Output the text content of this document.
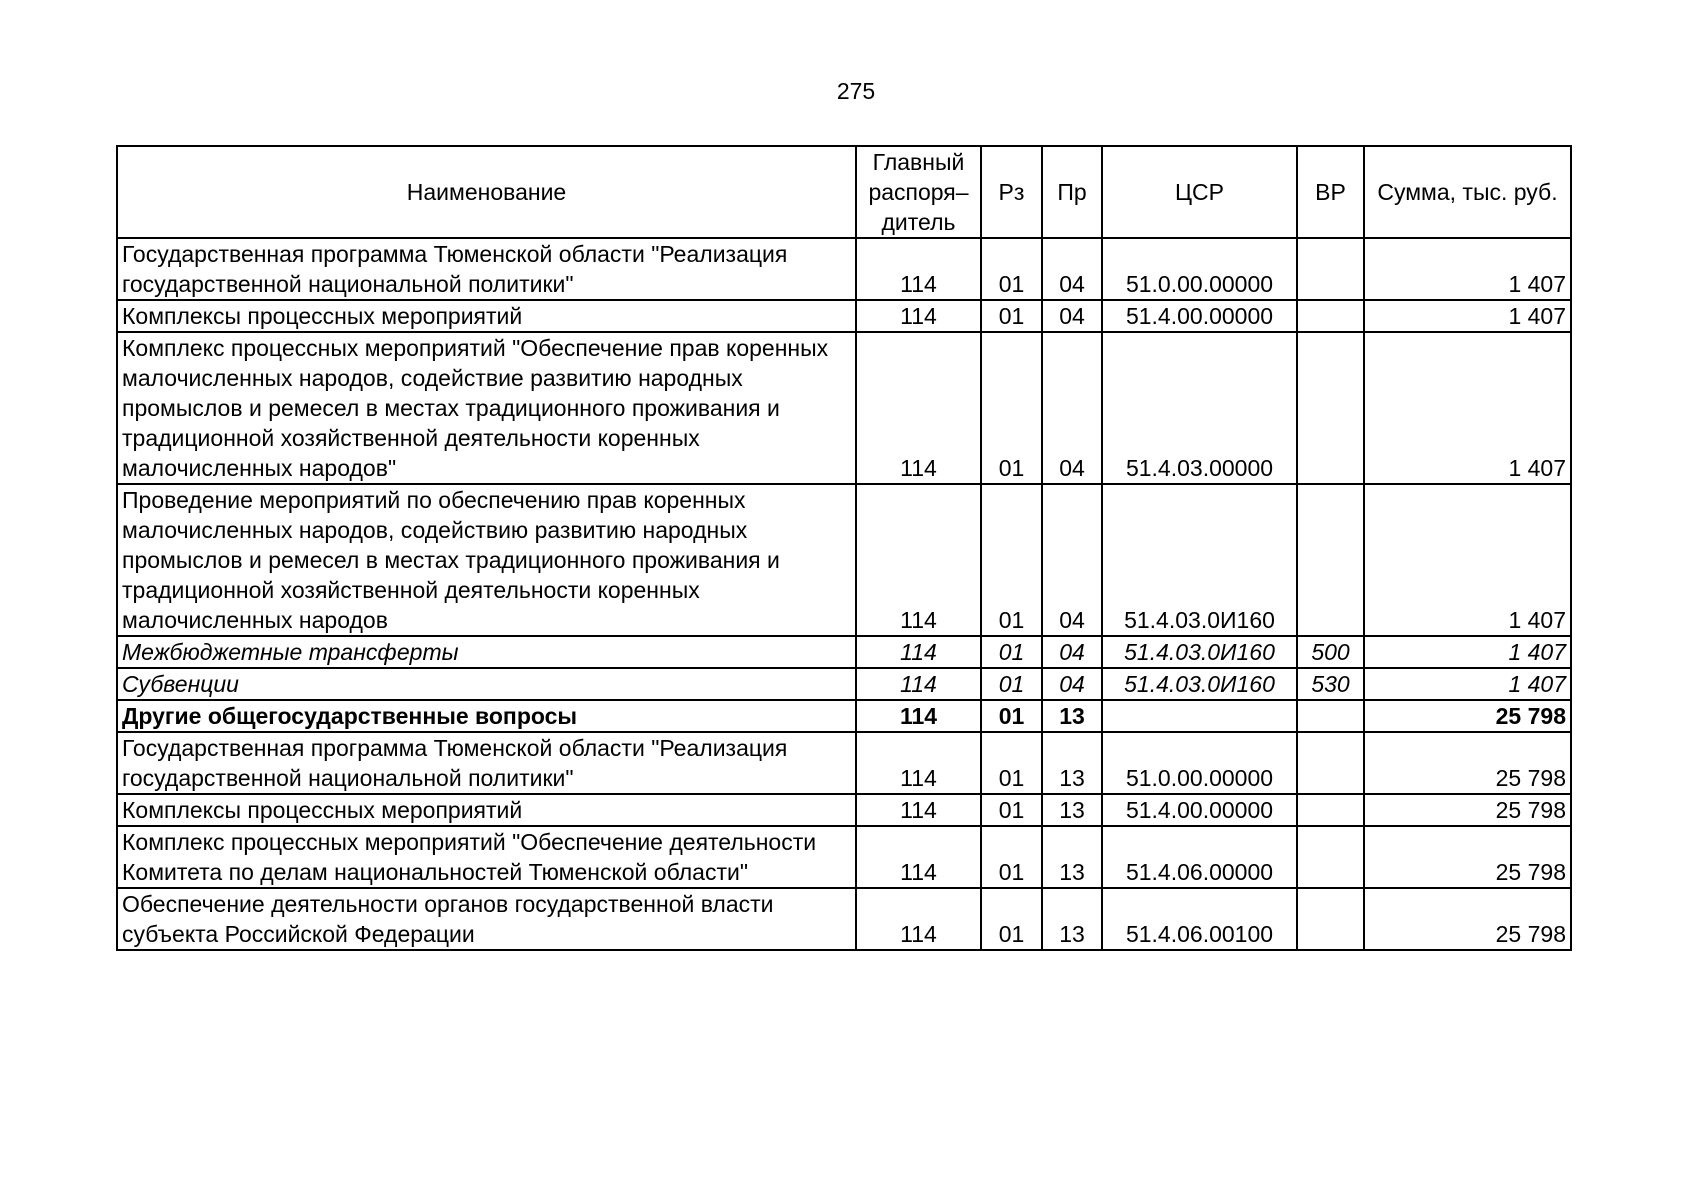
275
Наименование	Главный распоря–дитель	Рз	Пр	ЦСР	ВР	Сумма, тыс. руб.
Государственная программа Тюменской области "Реализация государственной национальной политики"	114	01	04	51.0.00.00000		1 407
Комплексы процессных мероприятий	114	01	04	51.4.00.00000		1 407
Комплекс процессных мероприятий "Обеспечение прав коренных малочисленных народов, содействие развитию народных промыслов и ремесел в местах традиционного проживания и традиционной хозяйственной деятельности коренных малочисленных народов"	114	01	04	51.4.03.00000		1 407
Проведение мероприятий по обеспечению прав коренных малочисленных народов, содействию развитию народных промыслов и ремесел в местах традиционного проживания и традиционной хозяйственной деятельности коренных малочисленных народов	114	01	04	51.4.03.0И160		1 407
Межбюджетные трансферты	114	01	04	51.4.03.0И160	500	1 407
Субвенции	114	01	04	51.4.03.0И160	530	1 407
Другие общегосударственные вопросы	114	01	13			25 798
Государственная программа Тюменской области "Реализация государственной национальной политики"	114	01	13	51.0.00.00000		25 798
Комплексы процессных мероприятий	114	01	13	51.4.00.00000		25 798
Комплекс процессных мероприятий "Обеспечение деятельности Комитета по делам национальностей Тюменской области"	114	01	13	51.4.06.00000		25 798
Обеспечение деятельности органов государственной власти субъекта Российской Федерации	114	01	13	51.4.06.00100		25 798
